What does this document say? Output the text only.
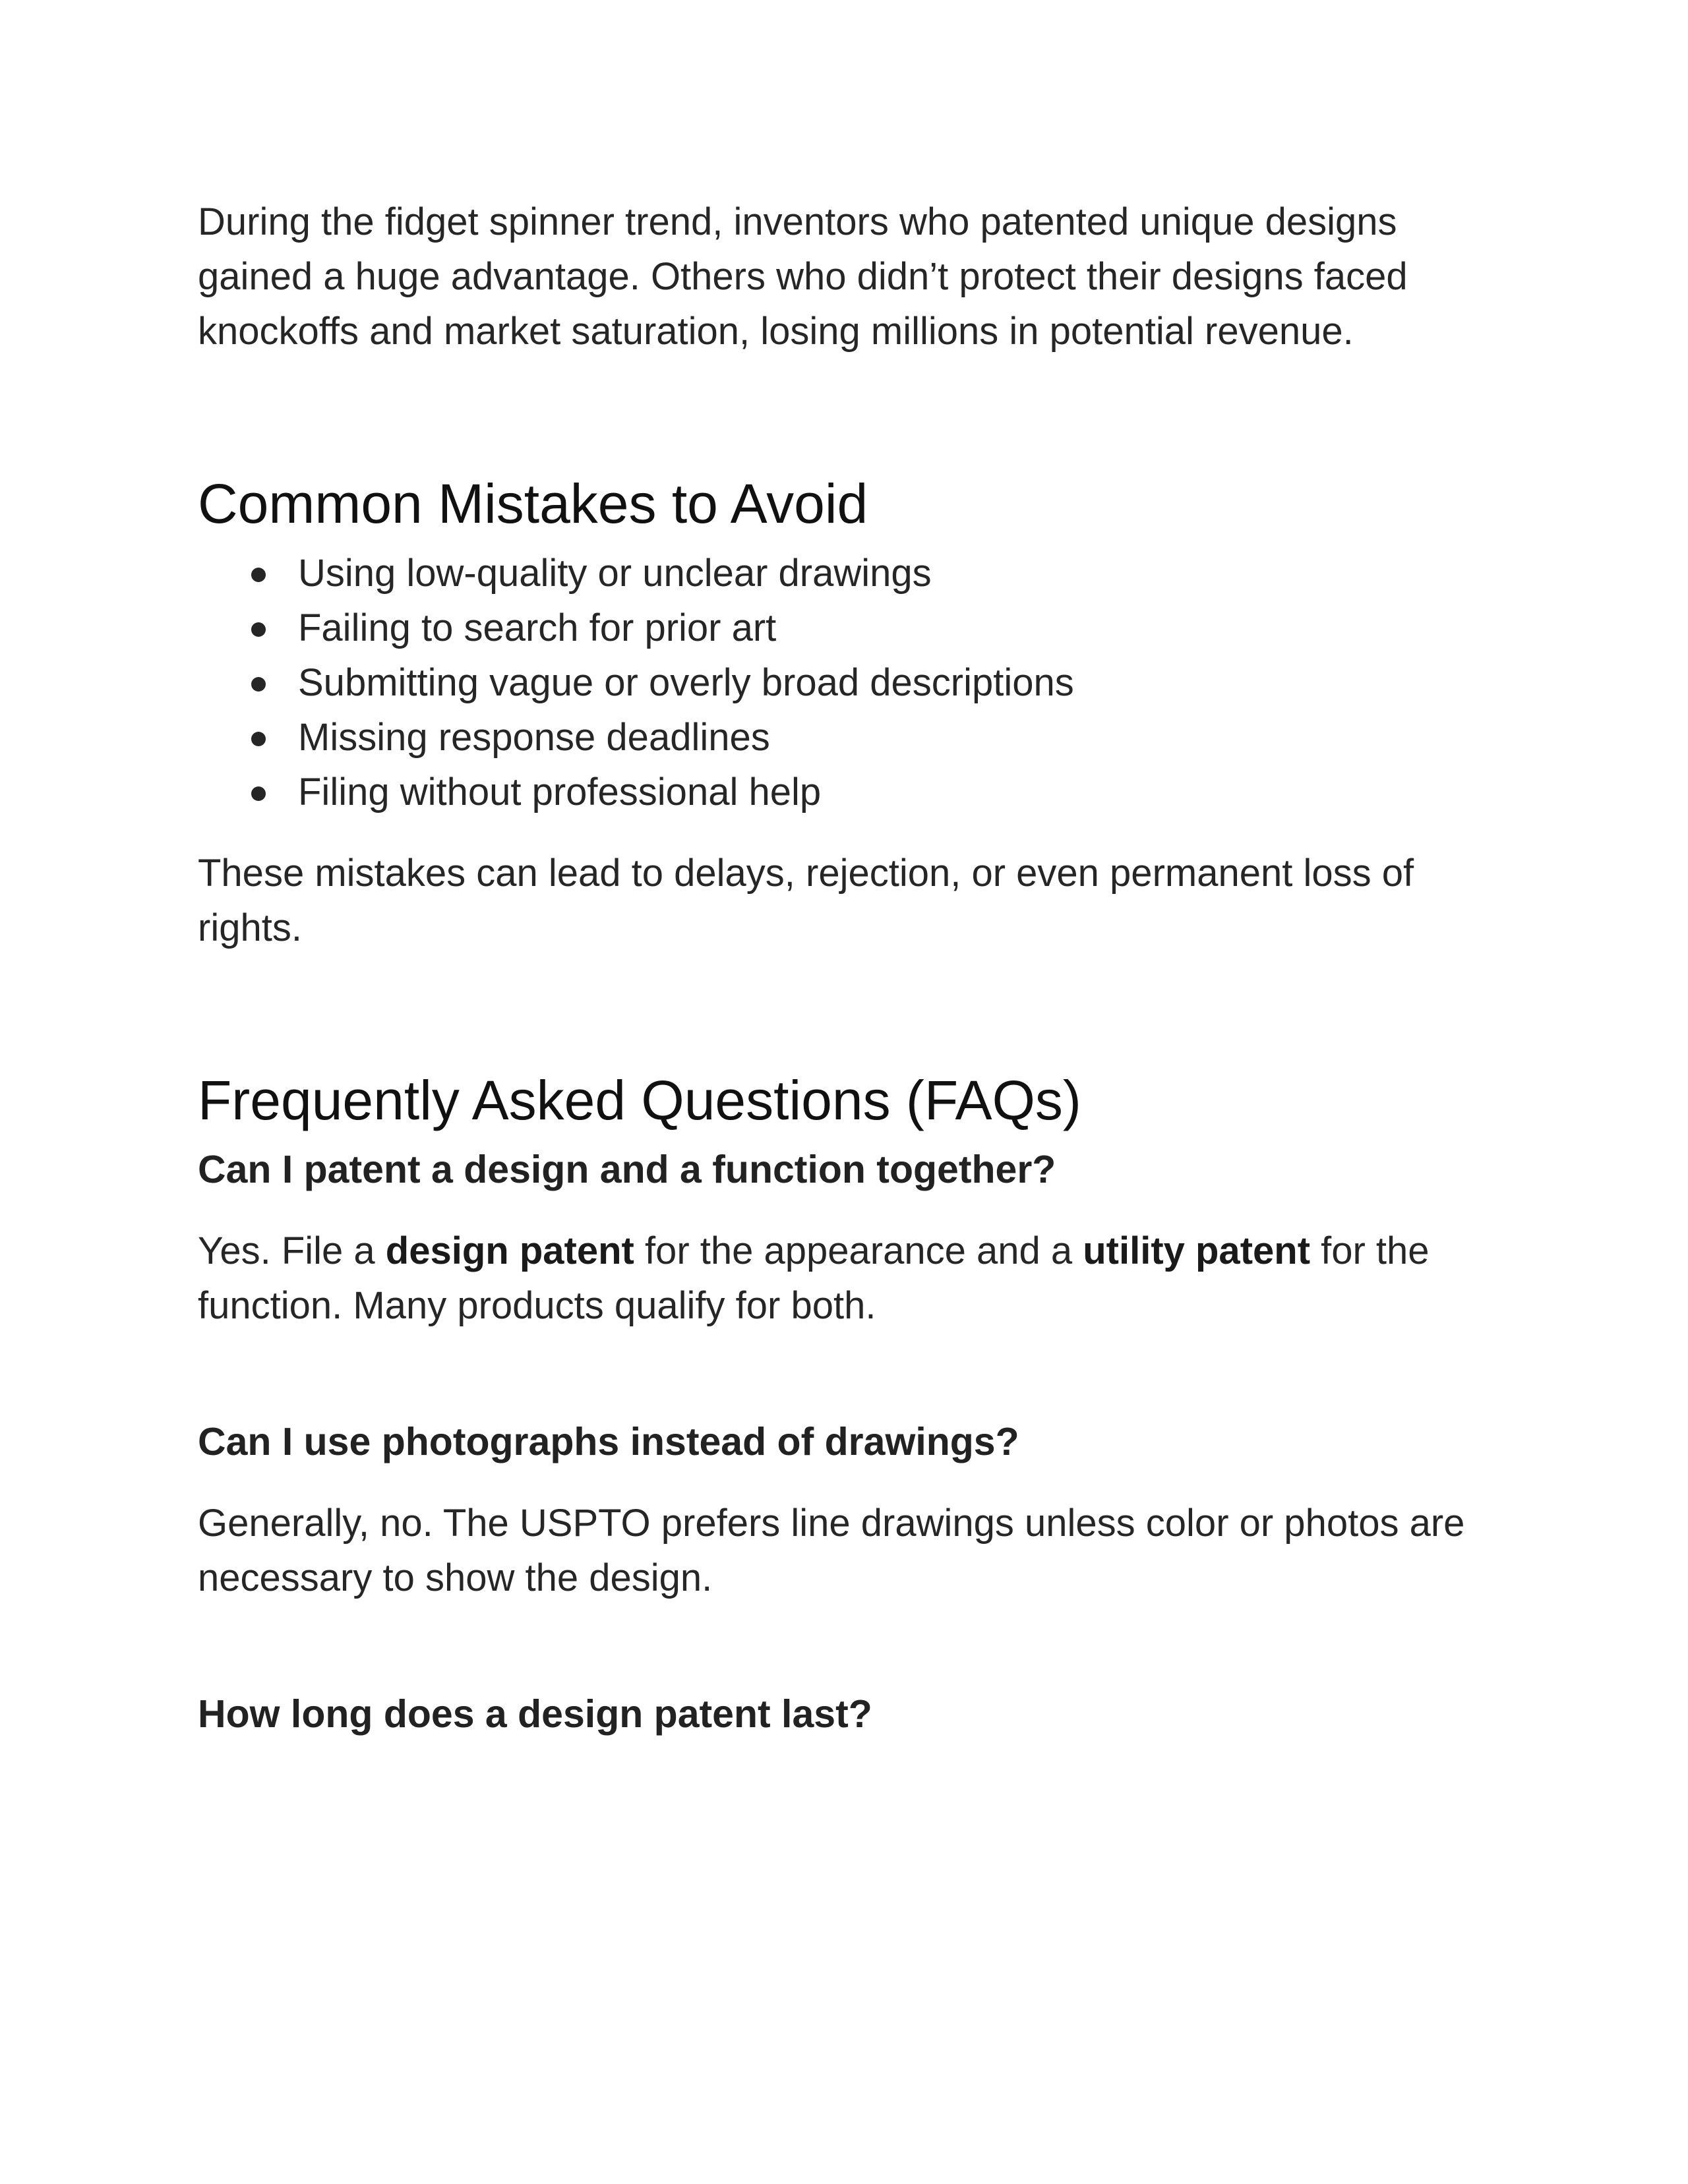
During the fidget spinner trend, inventors who patented unique designs gained a huge advantage. Others who didn’t protect their designs faced knockoffs and market saturation, losing millions in potential revenue.

Common Mistakes to Avoid
Using low-quality or unclear drawings
Failing to search for prior art
Submitting vague or overly broad descriptions
Missing response deadlines
Filing without professional help

These mistakes can lead to delays, rejection, or even permanent loss of rights.

Frequently Asked Questions (FAQs)
Can I patent a design and a function together?

Yes. File a design patent for the appearance and a utility patent for the function. Many products qualify for both.

Can I use photographs instead of drawings?

Generally, no. The USPTO prefers line drawings unless color or photos are necessary to show the design.

How long does a design patent last?
